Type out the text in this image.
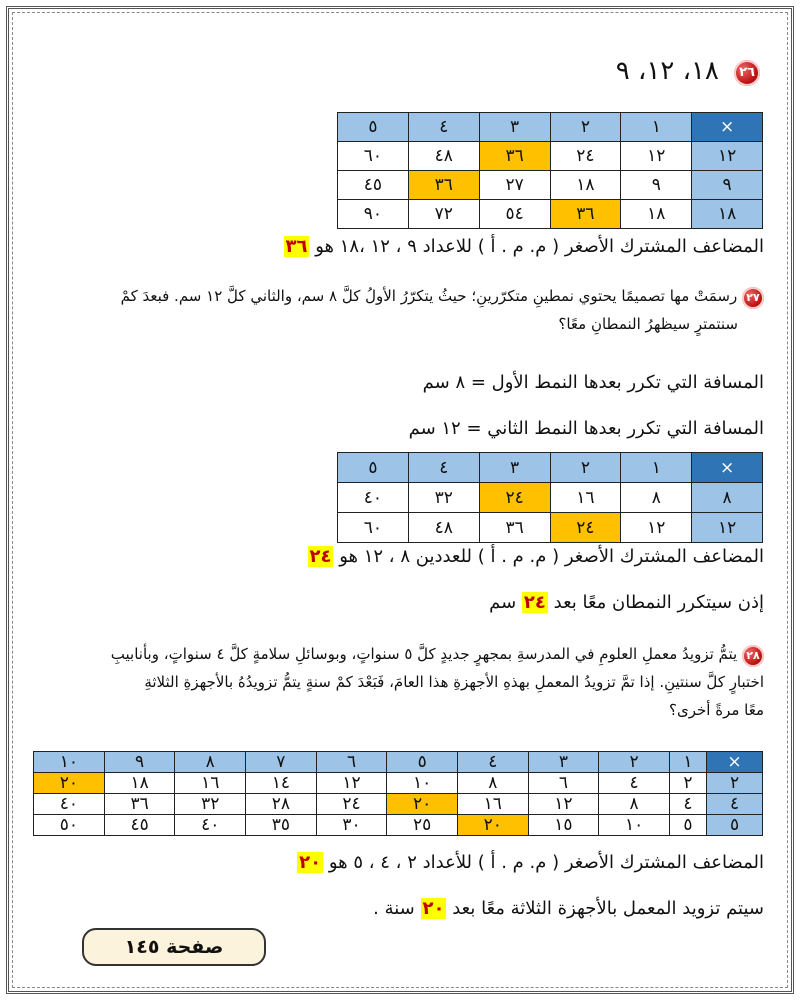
٢٦ ١٨، ١٢، ٩
×	١	٢	٣	٤	٥
١٢	١٢	٢٤	٣٦	٤٨	٦٠
٩	٩	١٨	٢٧	٣٦	٤٥
١٨	١٨	٣٦	٥٤	٧٢	٩٠
المضاعف المشترك الأصغر ( م. م . أ ) للاعداد ٩ ، ١٢ ،١٨ هو ٣٦
٢٧ رسمَتْ مها تصميمًا يحتوي نمطينِ متكرّرينِ؛ حيثُ يتكرّرُ الأولُ كلَّ ٨ سم، والثاني كلَّ ١٢ سم. فبعدَ كمْ
سنتمترٍ سيظهرُ النمطانِ معًا؟
المسافة التي تكرر بعدها النمط الأول = ٨ سم
المسافة التي تكرر بعدها النمط الثاني = ١٢ سم
×	١	٢	٣	٤	٥
٨	٨	١٦	٢٤	٣٢	٤٠
١٢	١٢	٢٤	٣٦	٤٨	٦٠
المضاعف المشترك الأصغر ( م. م . أ ) للعددين ٨ ، ١٢ هو ٢٤
إذن سيتكرر النمطان معًا بعد ٢٤ سم
٢٨ يتمُّ تزويدُ معملِ العلومِ في المدرسةِ بمجهرٍ جديدٍ كلَّ ٥ سنواتٍ، وبوسائلِ سلامةٍ كلَّ ٤ سنواتٍ، وبأنابيبِ
اختبارٍ كلَّ سنتينِ. إذا تمَّ تزويدُ المعملِ بهذهِ الأجهزةِ هذا العامَ، فَبَعْدَ كمْ سنةٍ يتمُّ تزويدُهُ بالأجهزةِ الثلاثةِ
معًا مرةً أخرى؟
×	١	٢	٣	٤	٥	٦	٧	٨	٩	١٠
٢	٢	٤	٦	٨	١٠	١٢	١٤	١٦	١٨	٢٠
٤	٤	٨	١٢	١٦	٢٠	٢٤	٢٨	٣٢	٣٦	٤٠
٥	٥	١٠	١٥	٢٠	٢٥	٣٠	٣٥	٤٠	٤٥	٥٠
المضاعف المشترك الأصغر ( م. م . أ ) للأعداد ٢ ، ٤ ، ٥ هو ٢٠
سيتم تزويد المعمل بالأجهزة الثلاثة معًا بعد ٢٠ سنة .
صفحة ١٤٥
